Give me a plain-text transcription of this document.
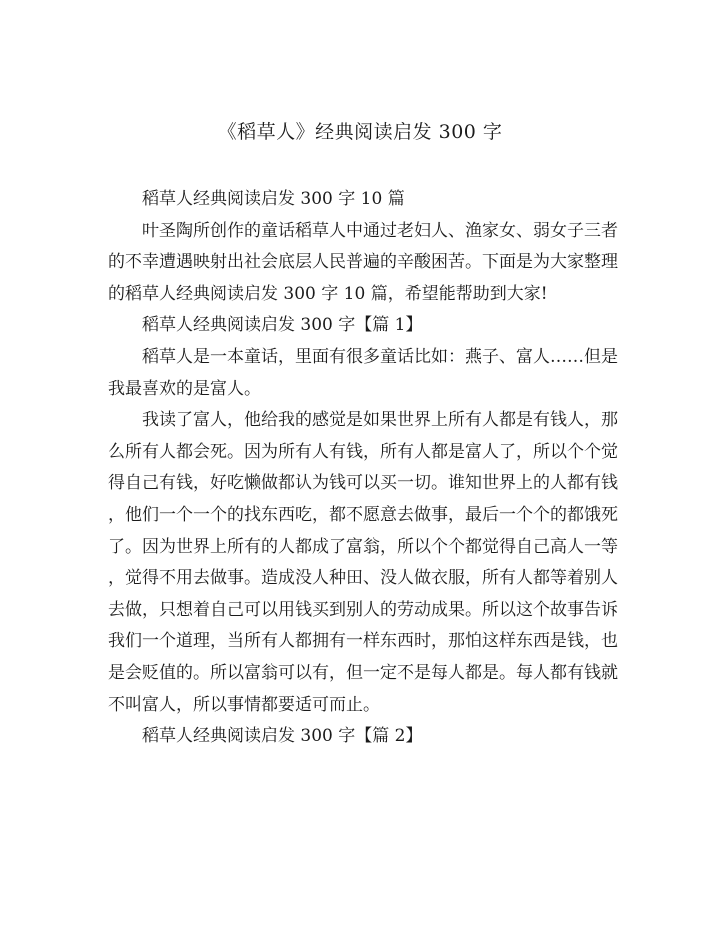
《稻草人》经典阅读启发 300 字

稻草人经典阅读启发 300 字 10 篇

叶圣陶所创作的童话稻草人中通过老妇人、渔家女、弱女子三者
的不幸遭遇映射出社会底层人民普遍的辛酸困苦。下面是为大家整理
的稻草人经典阅读启发 300 字 10 篇，希望能帮助到大家!

稻草人经典阅读启发 300 字【篇 1】

稻草人是一本童话，里面有很多童话比如：燕子、富人……但是
我最喜欢的是富人。
我读了富人，他给我的感觉是如果世界上所有人都是有钱人，那
么所有人都会死。因为所有人有钱，所有人都是富人了，所以个个觉
得自己有钱，好吃懒做都认为钱可以买一切。谁知世界上的人都有钱
，他们一个一个的找东西吃，都不愿意去做事，最后一个个的都饿死
了。因为世界上所有的人都成了富翁，所以个个都觉得自己高人一等
，觉得不用去做事。造成没人种田、没人做衣服，所有人都等着别人
去做，只想着自己可以用钱买到别人的劳动成果。所以这个故事告诉
我们一个道理，当所有人都拥有一样东西时，那怕这样东西是钱，也
是会贬值的。所以富翁可以有，但一定不是每人都是。每人都有钱就
不叫富人，所以事情都要适可而止。

稻草人经典阅读启发 300 字【篇 2】
